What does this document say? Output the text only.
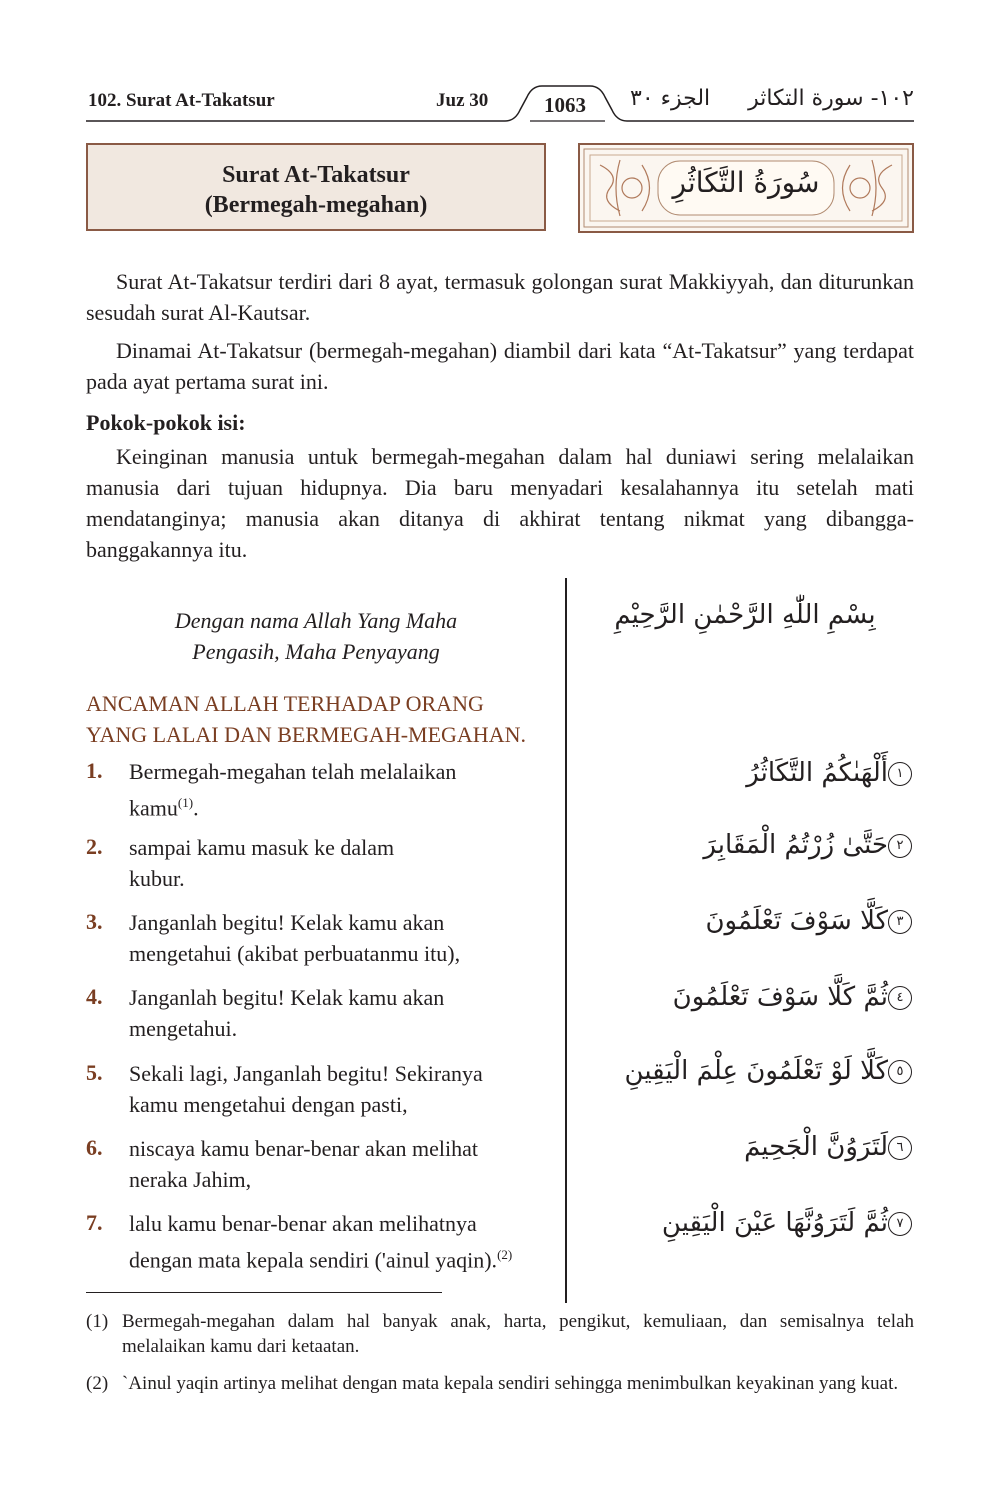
102. Surat At-Takatsur	Juz 30	1063	الجزء ٣٠ ١٠٢- سورة التكاثر
Surat At-Takatsur
(Bermegah-megahan)
سُورَةُ التَّكَاثُرِ
Surat At-Takatsur terdiri dari 8 ayat, termasuk golongan surat Makkiyyah, dan diturunkan sesudah surat Al-Kautsar.
Dinamai At-Takatsur (bermegah-megahan) diambil dari kata “At-Takatsur” yang terdapat pada ayat pertama surat ini.
Pokok-pokok isi:
Keinginan manusia untuk bermegah-megahan dalam hal duniawi sering melalaikan manusia dari tujuan hidupnya. Dia baru menyadari kesalahannya itu setelah mati mendatanginya; manusia akan ditanya di akhirat tentang nikmat yang dibangga-banggakannya itu.
Dengan nama Allah Yang Maha
Pengasih, Maha Penyayang
بِسْمِ اللّٰهِ الرَّحْمٰنِ الرَّحِيْمِ
ANCAMAN ALLAH TERHADAP ORANG
YANG LALAI DAN BERMEGAH-MEGAHAN.
1. Bermegah-megahan telah melalaikan
kamu$^{(1)}$.
١أَلْهَىٰكُمُ التَّكَاثُرُ
2. sampai kamu masuk ke dalam
kubur.
٢حَتَّىٰ زُرْتُمُ الْمَقَابِرَ
3. Janganlah begitu! Kelak kamu akan
mengetahui (akibat perbuatanmu itu),
٣كَلَّا سَوْفَ تَعْلَمُونَ
4. Janganlah begitu! Kelak kamu akan
mengetahui.
٤ثُمَّ كَلَّا سَوْفَ تَعْلَمُونَ
5. Sekali lagi, Janganlah begitu! Sekiranya
kamu mengetahui dengan pasti,
٥كَلَّا لَوْ تَعْلَمُونَ عِلْمَ الْيَقِينِ
6. niscaya kamu benar-benar akan melihat
neraka Jahim,
٦لَتَرَوُنَّ الْجَحِيمَ
7. lalu kamu benar-benar akan melihatnya
dengan mata kepala sendiri ('ainul yaqin).$^{(2)}$
٧ثُمَّ لَتَرَوُنَّهَا عَيْنَ الْيَقِينِ
(1) Bermegah-megahan dalam hal banyak anak, harta, pengikut, kemuliaan, dan semisalnya telah melalaikan kamu dari ketaatan.
(2) `Ainul yaqin artinya melihat dengan mata kepala sendiri sehingga menimbulkan keyakinan yang kuat.
